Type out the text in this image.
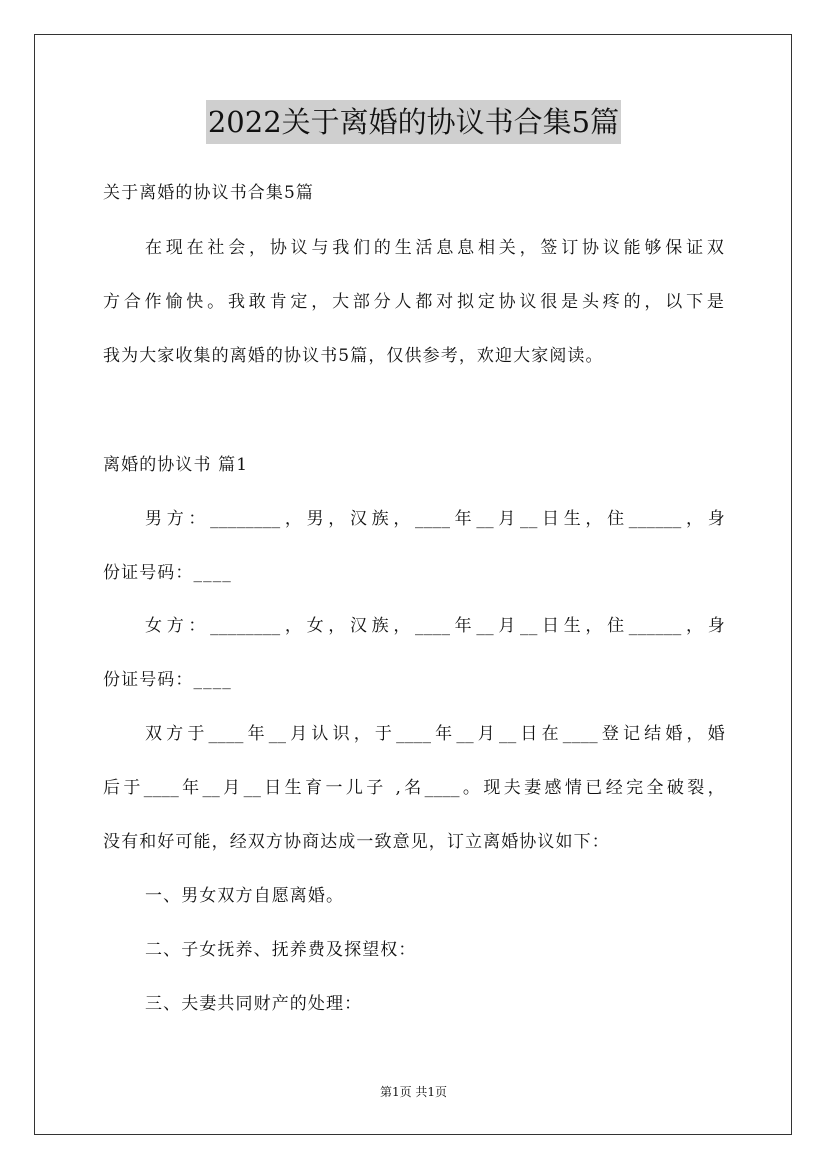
2022关于离婚的协议书合集5篇
关于离婚的协议书合集5篇
在现在社会，协议与我们的生活息息相关，签订协议能够保证双
方合作愉快。我敢肯定，大部分人都对拟定协议很是头疼的，以下是
我为大家收集的离婚的协议书5篇，仅供参考，欢迎大家阅读。
离婚的协议书 篇1
男方：________，男，汉族，____年__月__日生，住______，身
份证号码：____
女方：________，女，汉族，____年__月__日生，住______，身
份证号码：____
双方于____年__月认识，于____年__月__日在____登记结婚，婚
后于____年__月__日生育一儿子 ,名____。现夫妻感情已经完全破裂，
没有和好可能，经双方协商达成一致意见，订立离婚协议如下：
一、男女双方自愿离婚。
二、子女抚养、抚养费及探望权：
三、夫妻共同财产的处理：
第1页 共1页
